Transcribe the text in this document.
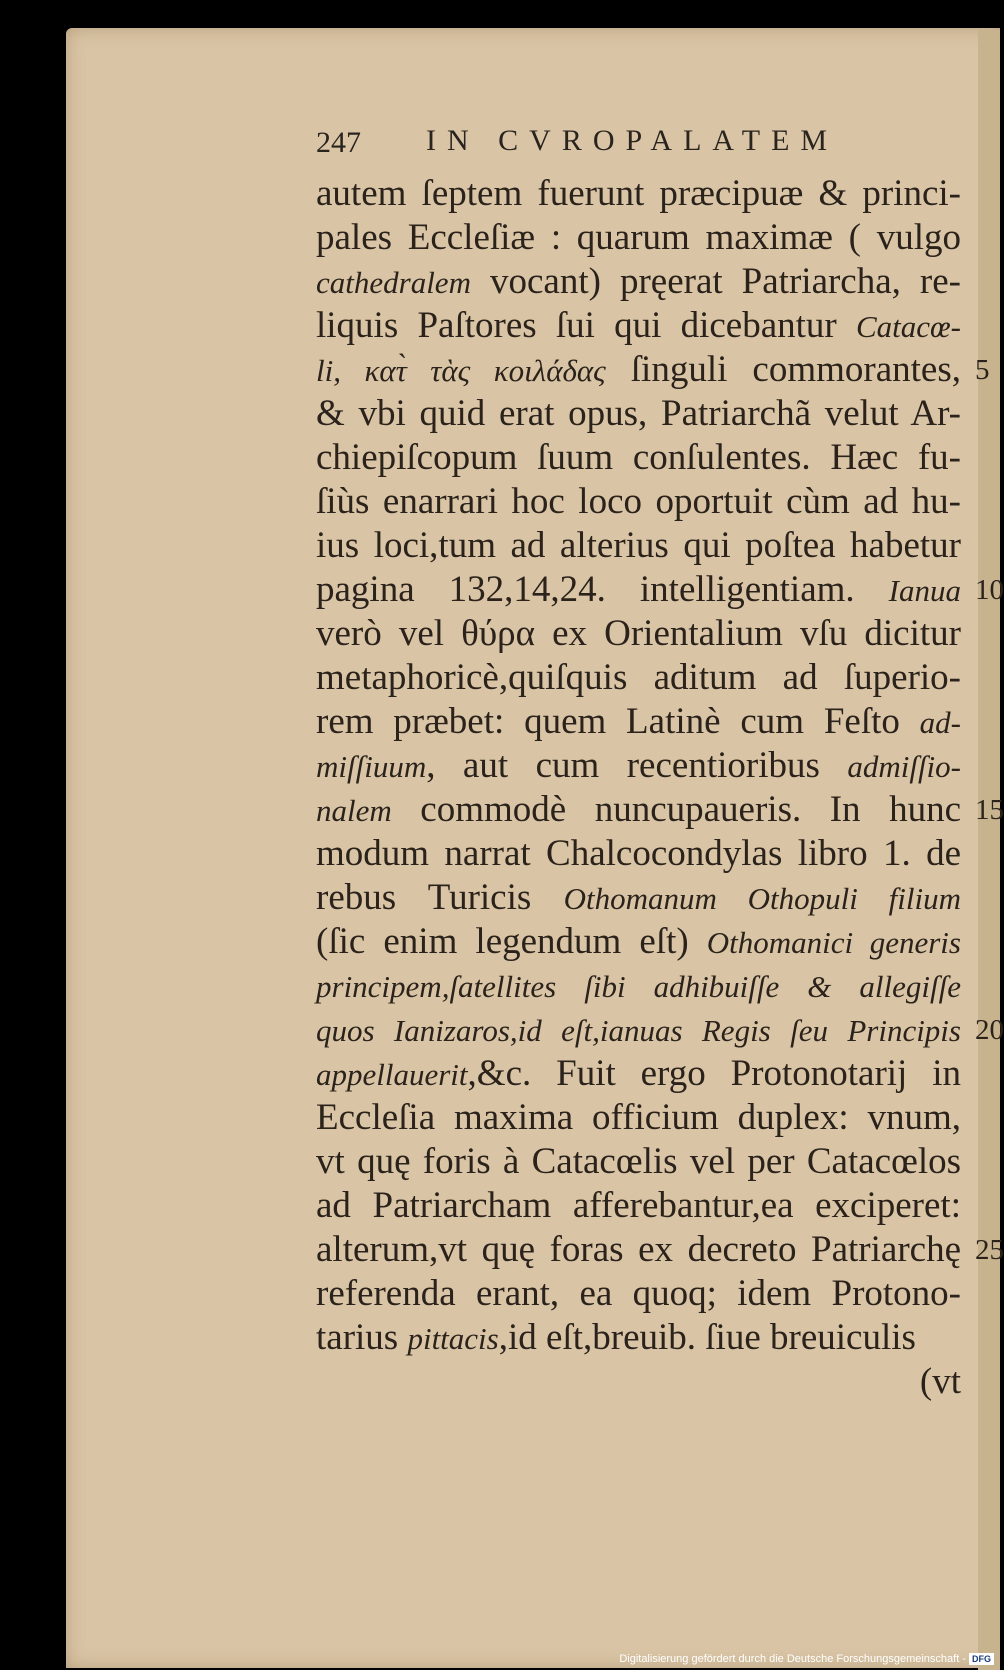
247 IN CVROPALATEM
autem ſeptem fuerunt præcipuæ & princi-
pales Eccleſiæ : quarum maximæ ( vulgo
cathedralem vocant) pręerat Patriarcha, re-
liquis Paſtores ſui qui dicebantur Catacœ-
li, κατ̀ τὰς κοιλάδας ſinguli commorantes,
& vbi quid erat opus, Patriarchã velut Ar-
chiepiſcopum ſuum conſulentes. Hæc fu-
ſiùs enarrari hoc loco oportuit cùm ad hu-
ius loci,tum ad alterius qui poſtea habetur
pagina 132,14,24. intelligentiam. Ianua
verò vel θύρα ex Orientalium vſu dicitur
metaphoricè,quiſquis aditum ad ſuperio-
rem præbet: quem Latinè cum Feſto ad-
miſſiuum, aut cum recentioribus admiſſio-
nalem commodè nuncupaueris. In hunc
modum narrat Chalcocondylas libro 1. de
rebus Turicis Othomanum Othopuli filium
(ſic enim legendum eſt) Othomanici generis
principem,ſatellites ſibi adhibuiſſe & allegiſſe
quos Ianizaros,id eſt,ianuas Regis ſeu Principis
appellauerit,&c. Fuit ergo Protonotarij in
Eccleſia maxima officium duplex: vnum,
vt quę foris à Catacœlis vel per Catacœlos
ad Patriarcham afferebantur,ea exciperet:
alterum,vt quę foras ex decreto Patriarchę
referenda erant, ea quoq; idem Protono-
tarius pittacis,id eſt,breuib. ſiue breuiculis
(vt
5
10
15
20
25
Digitalisierung gefördert durch die Deutsche Forschungsgemeinschaft - DFG
